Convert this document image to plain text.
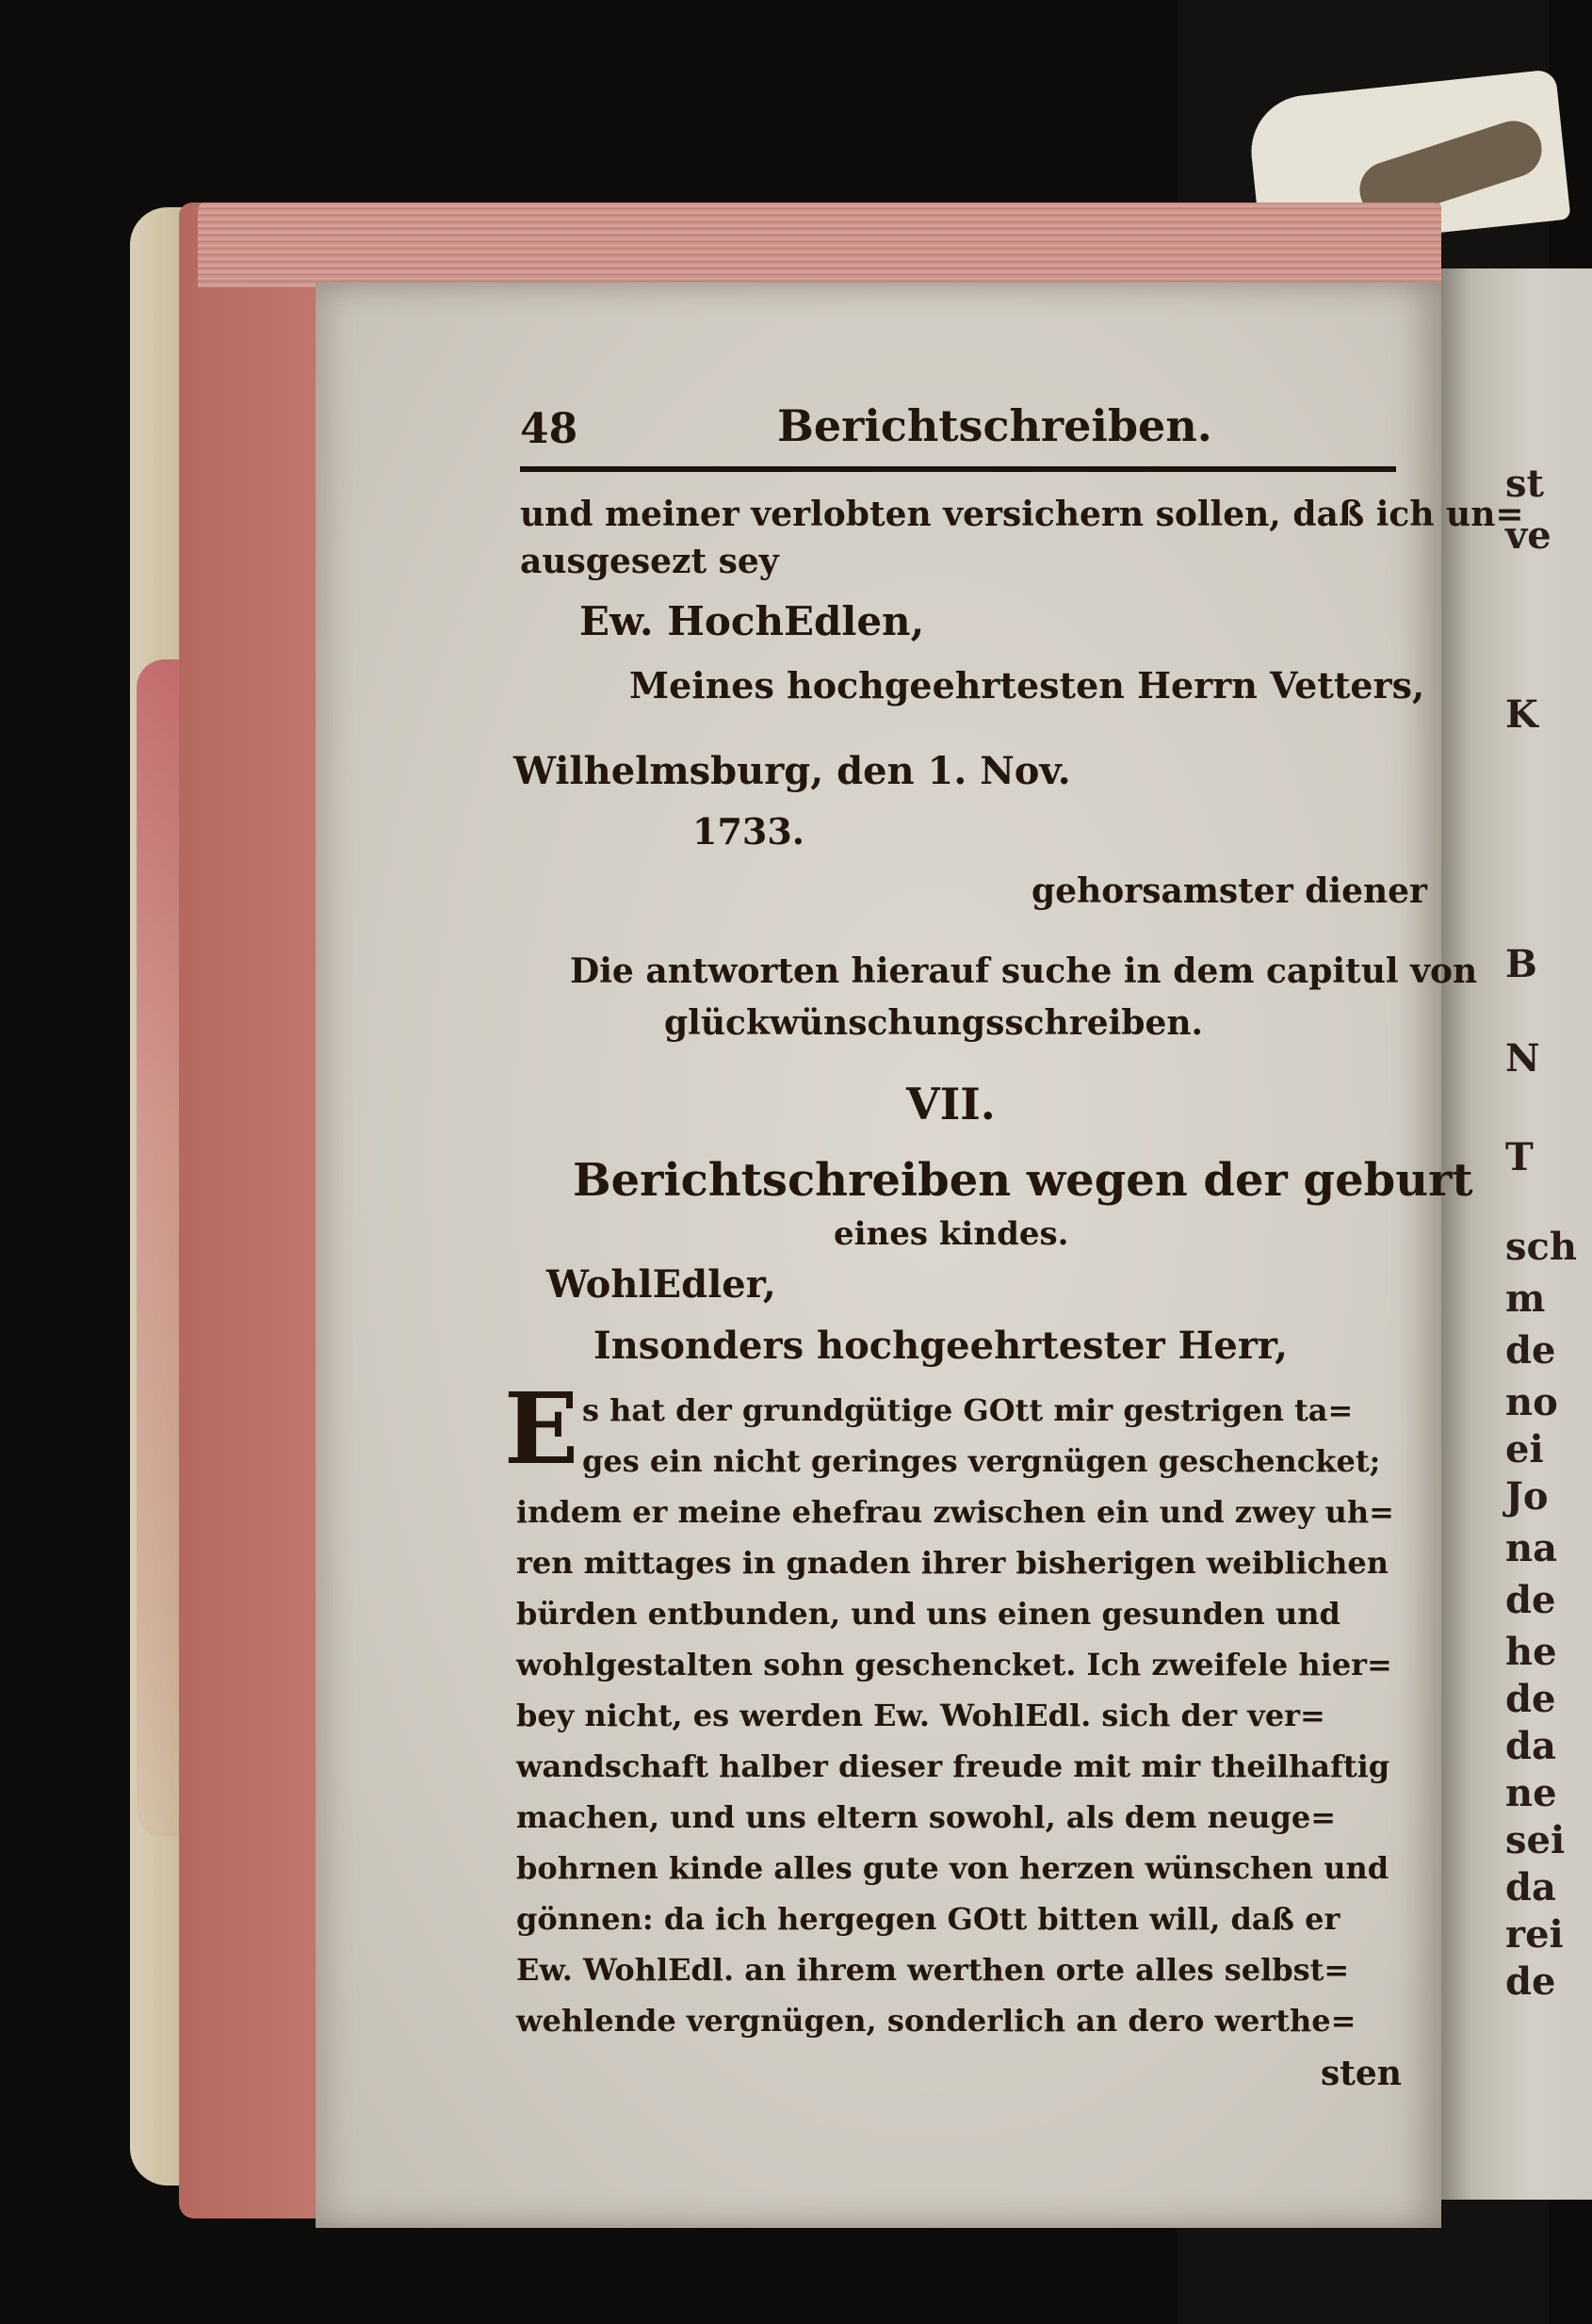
48	Berichtschreiben.
und meiner verlobten versichern sollen, daß ich un=
ausgesezt sey
Ew. HochEdlen,
Meines hochgeehrtesten Herrn Vetters,
Wilhelmsburg, den 1. Nov.
1733.
gehorsamster diener
Die antworten hierauf suche in dem capitul von
glückwünschungsschreiben.
VII.
Berichtschreiben wegen der geburt
eines kindes.
WohlEdler,
Insonders hochgeehrtester Herr,
E s hat der grundgütige GOtt mir gestrigen ta=
ges ein nicht geringes vergnügen geschencket;
indem er meine ehefrau zwischen ein und zwey uh=
ren mittages in gnaden ihrer bisherigen weiblichen
bürden entbunden, und uns einen gesunden und
wohlgestalten sohn geschencket. Ich zweifele hier=
bey nicht, es werden Ew. WohlEdl. sich der ver=
wandschaft halber dieser freude mit mir theilhaftig
machen, und uns eltern sowohl, als dem neuge=
bohrnen kinde alles gute von herzen wünschen und
gönnen: da ich hergegen GOtt bitten will, daß er
Ew. WohlEdl. an ihrem werthen orte alles selbst=
wehlende vergnügen, sonderlich an dero werthe=
sten
st
ve
K
B
N
T
sch
m
de
no
ei
Jo
na
de
he
de
da
ne
sei
da
rei
de
